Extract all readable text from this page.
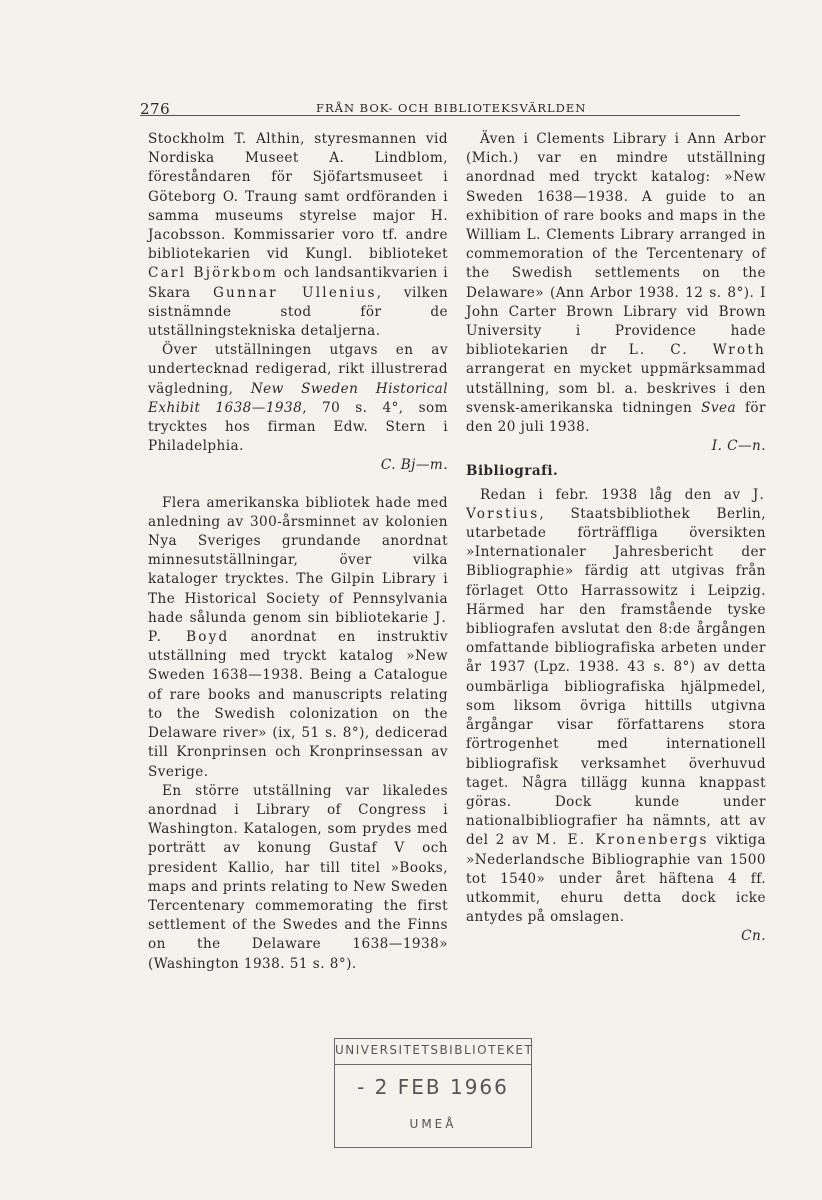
276	FRÅN BOK- OCH BIBLIOTEKSVÄRLDEN

Stockholm T. Althin, styresmannen vid Nordiska Museet A. Lindblom, föreståndaren för Sjöfartsmuseet i Göteborg O. Traung samt ordföranden i samma museums styrelse major H. Jacobsson. Kommissarier voro tf. andre bibliotekarien vid Kungl. biblioteket Carl Björkbom och landsantikvarien i Skara Gunnar Ullenius, vilken sistnämnde stod för de utställningstekniska detaljerna.

Över utställningen utgavs en av undertecknad redigerad, rikt illustrerad vägledning, New Sweden Historical Exhibit 1638—1938, 70 s. 4°, som trycktes hos firman Edw. Stern i Philadelphia.

C. Bj—m.

Flera amerikanska bibliotek hade med anledning av 300-årsminnet av kolonien Nya Sveriges grundande anordnat minnesutställningar, över vilka kataloger trycktes. The Gilpin Library i The Historical Society of Pennsylvania hade sålunda genom sin bibliotekarie J. P. Boyd anordnat en instruktiv utställning med tryckt katalog »New Sweden 1638—1938. Being a Catalogue of rare books and manuscripts relating to the Swedish colonization on the Delaware river» (ix, 51 s. 8°), dedicerad till Kronprinsen och Kronprinsessan av Sverige.

En större utställning var likaledes anordnad i Library of Congress i Washington. Katalogen, som prydes med porträtt av konung Gustaf V och president Kallio, har till titel »Books, maps and prints relating to New Sweden Tercentenary commemorating the first settlement of the Swedes and the Finns on the Delaware 1638—1938» (Washington 1938. 51 s. 8°).

Även i Clements Library i Ann Arbor (Mich.) var en mindre utställning anordnad med tryckt katalog: »New Sweden 1638—1938. A guide to an exhibition of rare books and maps in the William L. Clements Library arranged in commemoration of the Tercentenary of the Swedish settlements on the Delaware» (Ann Arbor 1938. 12 s. 8°). I John Carter Brown Library vid Brown University i Providence hade bibliotekarien dr L. C. Wroth arrangerat en mycket uppmärksammad utställning, som bl. a. beskrives i den svensk-amerikanska tidningen Svea för den 20 juli 1938.

I. C—n.

Bibliografi.

Redan i febr. 1938 låg den av J. Vorstius, Staatsbibliothek Berlin, utarbetade förträffliga översikten »Internationaler Jahresbericht der Bibliographie» färdig att utgivas från förlaget Otto Harrassowitz i Leipzig. Härmed har den framstående tyske bibliografen avslutat den 8:de årgången omfattande bibliografiska arbeten under år 1937 (Lpz. 1938. 43 s. 8°) av detta oumbärliga bibliografiska hjälpmedel, som liksom övriga hittills utgivna årgångar visar författarens stora förtrogenhet med internationell bibliografisk verksamhet överhuvud taget. Några tillägg kunna knappast göras. Dock kunde under nationalbibliografier ha nämnts, att av del 2 av M. E. Kronenbergs viktiga »Nederlandsche Bibliographie van 1500 tot 1540» under året häftena 4 ff. utkommit, ehuru detta dock icke antydes på omslagen.

Cn.

UNIVERSITETSBIBLIOTEKET
- 2 FEB 1966
UMEÅ
